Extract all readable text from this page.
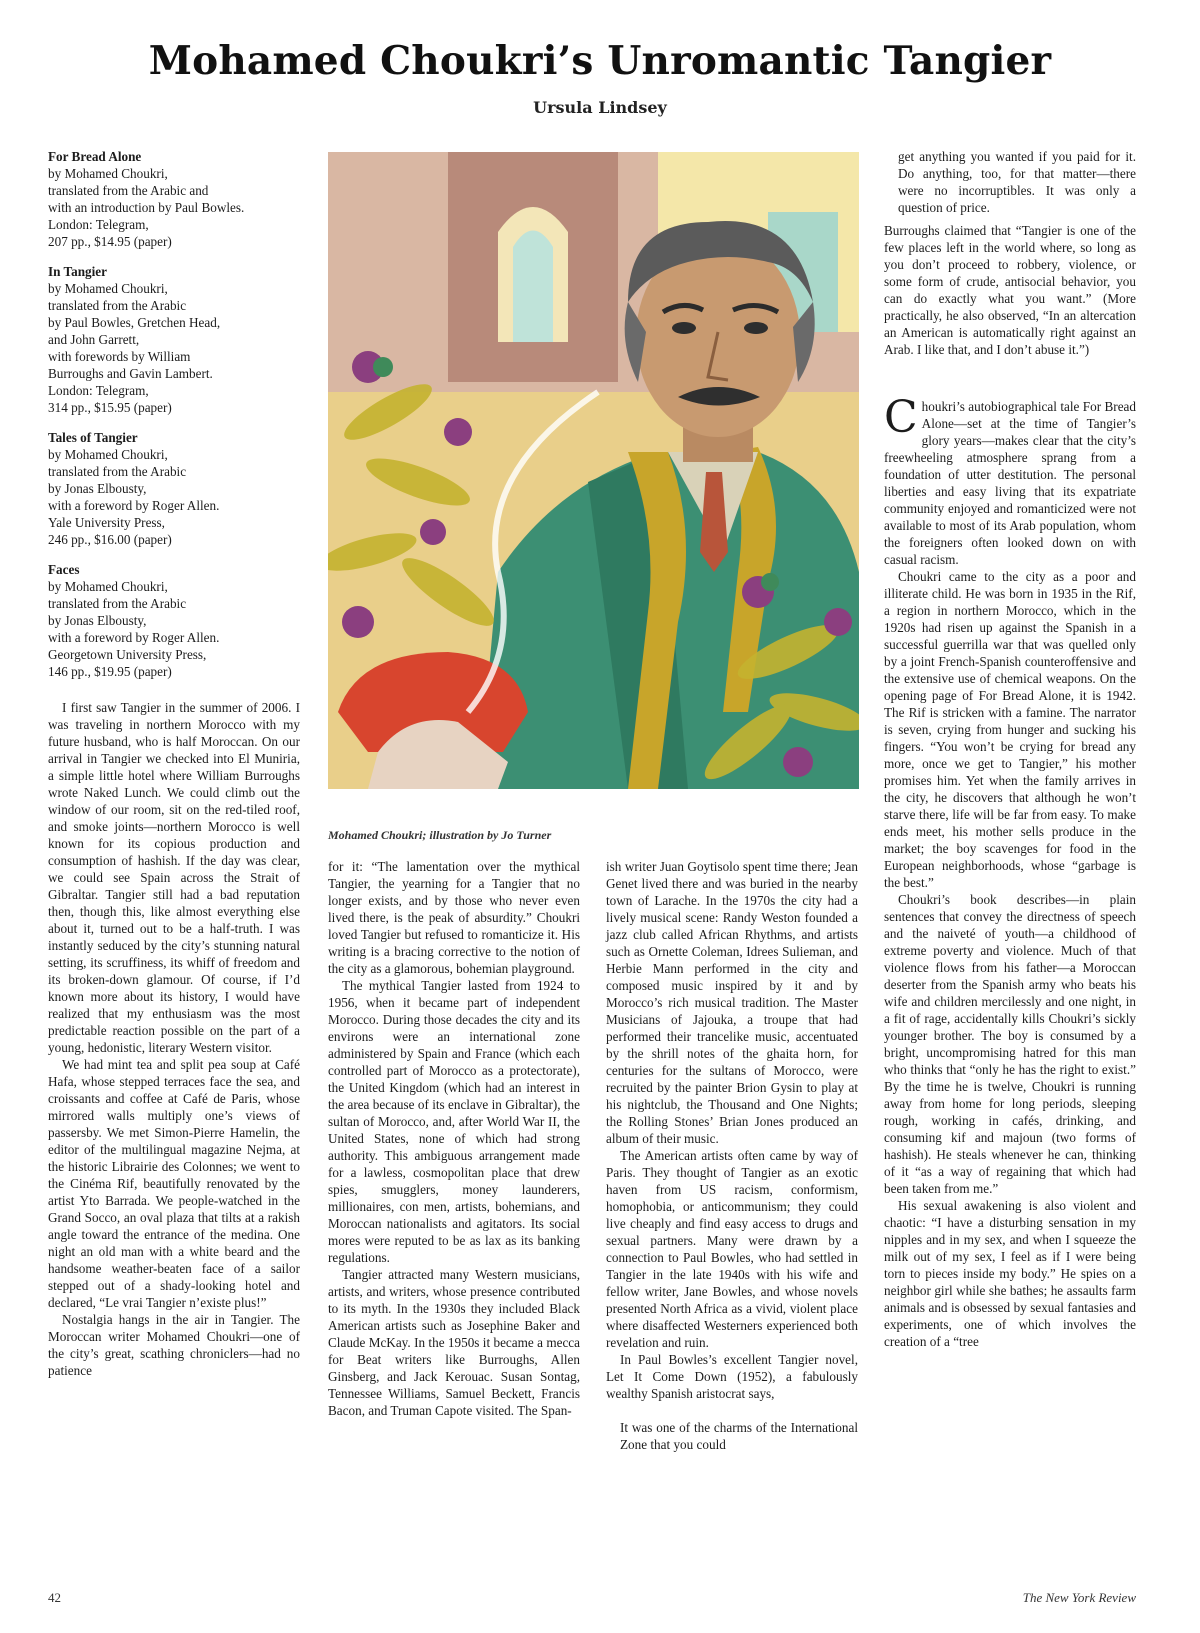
Mohamed Choukri’s Unromantic Tangier
Ursula Lindsey
For Bread Alone
by Mohamed Choukri,
translated from the Arabic and
with an introduction by Paul Bowles.
London: Telegram,
207 pp., $14.95 (paper)
In Tangier
by Mohamed Choukri,
translated from the Arabic
by Paul Bowles, Gretchen Head,
and John Garrett,
with forewords by William
Burroughs and Gavin Lambert.
London: Telegram,
314 pp., $15.95 (paper)
Tales of Tangier
by Mohamed Choukri,
translated from the Arabic
by Jonas Elbousty,
with a foreword by Roger Allen.
Yale University Press,
246 pp., $16.00 (paper)
Faces
by Mohamed Choukri,
translated from the Arabic
by Jonas Elbousty,
with a foreword by Roger Allen.
Georgetown University Press,
146 pp., $19.95 (paper)

I first saw Tangier in the summer of 2006. I was traveling in northern Morocco with my future husband, who is half Moroccan. On our arrival in Tangier we checked into El Muniria, a simple little hotel where William Burroughs wrote Naked Lunch. We could climb out the window of our room, sit on the red-tiled roof, and smoke joints—northern Morocco is well known for its copious production and consumption of hashish. If the day was clear, we could see Spain across the Strait of Gibraltar. Tangier still had a bad reputation then, though this, like almost everything else about it, turned out to be a half-truth. I was instantly seduced by the city’s stunning natural setting, its scruffiness, its whiff of freedom and its broken-down glamour. Of course, if I’d known more about its history, I would have realized that my enthusiasm was the most predictable reaction possible on the part of a young, hedonistic, literary Western visitor.

We had mint tea and split pea soup at Café Hafa, whose stepped terraces face the sea, and croissants and coffee at Café de Paris, whose mirrored walls multiply one’s views of passersby. We met Simon-Pierre Hamelin, the editor of the multilingual magazine Nejma, at the historic Librairie des Colonnes; we went to the Cinéma Rif, beautifully renovated by the artist Yto Barrada. We people-watched in the Grand Socco, an oval plaza that tilts at a rakish angle toward the entrance of the medina. One night an old man with a white beard and the handsome weather-beaten face of a sailor stepped out of a shady-looking hotel and declared, “Le vrai Tangier n’existe plus!”

Nostalgia hangs in the air in Tangier. The Moroccan writer Mohamed Choukri—one of the city’s great, scathing chroniclers—had no patience

Mohamed Choukri; illustration by Jo Turner

for it: “The lamentation over the mythical Tangier, the yearning for a Tangier that no longer exists, and by those who never even lived there, is the peak of absurdity.” Choukri loved Tangier but refused to romanticize it. His writing is a bracing corrective to the notion of the city as a glamorous, bohemian playground.

The mythical Tangier lasted from 1924 to 1956, when it became part of independent Morocco. During those decades the city and its environs were an international zone administered by Spain and France (which each controlled part of Morocco as a protectorate), the United Kingdom (which had an interest in the area because of its enclave in Gibraltar), the sultan of Morocco, and, after World War II, the United States, none of which had strong authority. This ambiguous arrangement made for a lawless, cosmopolitan place that drew spies, smugglers, money launderers, millionaires, con men, artists, bohemians, and Moroccan nationalists and agitators. Its social mores were reputed to be as lax as its banking regulations.

Tangier attracted many Western musicians, artists, and writers, whose presence contributed to its myth. In the 1930s they included Black American artists such as Josephine Baker and Claude McKay. In the 1950s it became a mecca for Beat writers like Burroughs, Allen Ginsberg, and Jack Kerouac. Susan Sontag, Tennessee Williams, Samuel Beckett, Francis Bacon, and Truman Capote visited. The Span-

ish writer Juan Goytisolo spent time there; Jean Genet lived there and was buried in the nearby town of Larache. In the 1970s the city had a lively musical scene: Randy Weston founded a jazz club called African Rhythms, and artists such as Ornette Coleman, Idrees Sulieman, and Herbie Mann performed in the city and composed music inspired by it and by Morocco’s rich musical tradition. The Master Musicians of Jajouka, a troupe that had performed their trancelike music, accentuated by the shrill notes of the ghaita horn, for centuries for the sultans of Morocco, were recruited by the painter Brion Gysin to play at his nightclub, the Thousand and One Nights; the Rolling Stones’ Brian Jones produced an album of their music.

The American artists often came by way of Paris. They thought of Tangier as an exotic haven from US racism, conformism, homophobia, or anticommunism; they could live cheaply and find easy access to drugs and sexual partners. Many were drawn by a connection to Paul Bowles, who had settled in Tangier in the late 1940s with his wife and fellow writer, Jane Bowles, and whose novels presented North Africa as a vivid, violent place where disaffected Westerners experienced both revelation and ruin.

In Paul Bowles’s excellent Tangier novel, Let It Come Down (1952), a fabulously wealthy Spanish aristocrat says,

It was one of the charms of the International Zone that you could

get anything you wanted if you paid for it. Do anything, too, for that matter—there were no incorruptibles. It was only a question of price.

Burroughs claimed that “Tangier is one of the few places left in the world where, so long as you don’t proceed to robbery, violence, or some form of crude, antisocial behavior, you can do exactly what you want.” (More practically, he also observed, “In an altercation an American is automatically right against an Arab. I like that, and I don’t abuse it.”)

Choukri’s autobiographical tale For Bread Alone—set at the time of Tangier’s glory years—makes clear that the city’s freewheeling atmosphere sprang from a foundation of utter destitution. The personal liberties and easy living that its expatriate community enjoyed and romanticized were not available to most of its Arab population, whom the foreigners often looked down on with casual racism.

Choukri came to the city as a poor and illiterate child. He was born in 1935 in the Rif, a region in northern Morocco, which in the 1920s had risen up against the Spanish in a successful guerrilla war that was quelled only by a joint French-Spanish counteroffensive and the extensive use of chemical weapons. On the opening page of For Bread Alone, it is 1942. The Rif is stricken with a famine. The narrator is seven, crying from hunger and sucking his fingers. “You won’t be crying for bread any more, once we get to Tangier,” his mother promises him. Yet when the family arrives in the city, he discovers that although he won’t starve there, life will be far from easy. To make ends meet, his mother sells produce in the market; the boy scavenges for food in the European neighborhoods, whose “garbage is the best.”

Choukri’s book describes—in plain sentences that convey the directness of speech and the naiveté of youth—a childhood of extreme poverty and violence. Much of that violence flows from his father—a Moroccan deserter from the Spanish army who beats his wife and children mercilessly and one night, in a fit of rage, accidentally kills Choukri’s sickly younger brother. The boy is consumed by a bright, uncompromising hatred for this man who thinks that “only he has the right to exist.” By the time he is twelve, Choukri is running away from home for long periods, sleeping rough, working in cafés, drinking, and consuming kif and majoun (two forms of hashish). He steals whenever he can, thinking of it “as a way of regaining that which had been taken from me.”

His sexual awakening is also violent and chaotic: “I have a disturbing sensation in my nipples and in my sex, and when I squeeze the milk out of my sex, I feel as if I were being torn to pieces inside my body.” He spies on a neighbor girl while she bathes; he assaults farm animals and is obsessed by sexual fantasies and experiments, one of which involves the creation of a “tree

42	The New York Review
